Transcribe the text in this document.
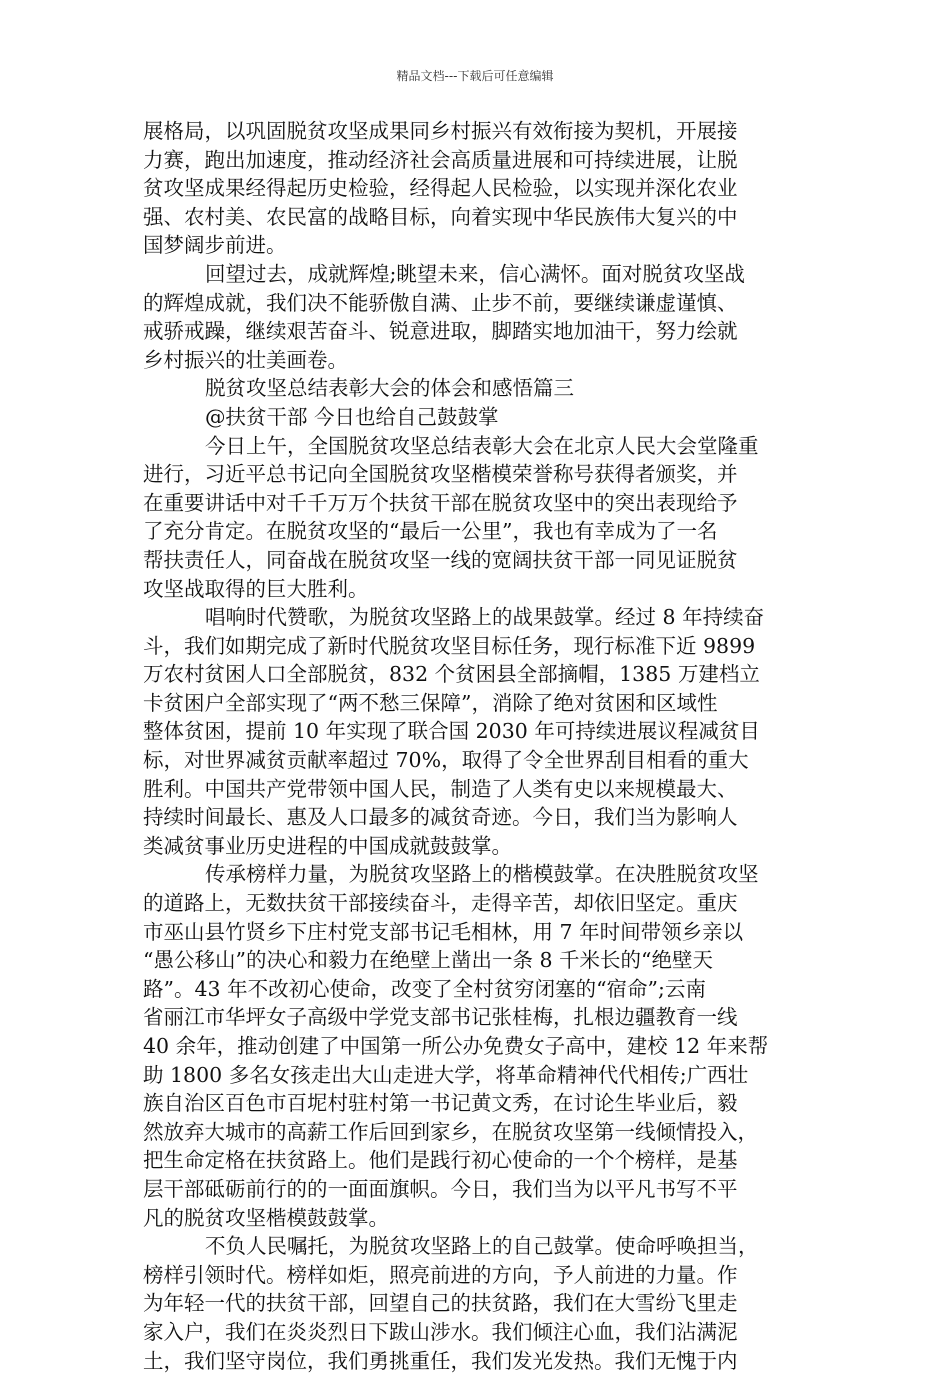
精品文档---下载后可任意编辑

展格局，以巩固脱贫攻坚成果同乡村振兴有效衔接为契机，开展接
力赛，跑出加速度，推动经济社会高质量进展和可持续进展，让脱
贫攻坚成果经得起历史检验，经得起人民检验，以实现并深化农业
强、农村美、农民富的战略目标，向着实现中华民族伟大复兴的中
国梦阔步前进。

回望过去，成就辉煌;眺望未来，信心满怀。面对脱贫攻坚战
的辉煌成就，我们决不能骄傲自满、止步不前，要继续谦虚谨慎、
戒骄戒躁，继续艰苦奋斗、锐意进取，脚踏实地加油干，努力绘就
乡村振兴的壮美画卷。

脱贫攻坚总结表彰大会的体会和感悟篇三

@扶贫干部 今日也给自己鼓鼓掌

今日上午，全国脱贫攻坚总结表彰大会在北京人民大会堂隆重
进行，习近平总书记向全国脱贫攻坚楷模荣誉称号获得者颁奖，并
在重要讲话中对千千万万个扶贫干部在脱贫攻坚中的突出表现给予
了充分肯定。在脱贫攻坚的“最后一公里”，我也有幸成为了一名
帮扶责任人，同奋战在脱贫攻坚一线的宽阔扶贫干部一同见证脱贫
攻坚战取得的巨大胜利。

唱响时代赞歌，为脱贫攻坚路上的战果鼓掌。经过 8 年持续奋
斗，我们如期完成了新时代脱贫攻坚目标任务，现行标准下近 9899
万农村贫困人口全部脱贫，832 个贫困县全部摘帽，1385 万建档立
卡贫困户全部实现了“两不愁三保障”，消除了绝对贫困和区域性
整体贫困，提前 10 年实现了联合国 2030 年可持续进展议程减贫目
标，对世界减贫贡献率超过 70%，取得了令全世界刮目相看的重大
胜利。中国共产党带领中国人民，制造了人类有史以来规模最大、
持续时间最长、惠及人口最多的减贫奇迹。今日，我们当为影响人
类减贫事业历史进程的中国成就鼓鼓掌。

传承榜样力量，为脱贫攻坚路上的楷模鼓掌。在决胜脱贫攻坚
的道路上，无数扶贫干部接续奋斗，走得辛苦，却依旧坚定。重庆
市巫山县竹贤乡下庄村党支部书记毛相林，用 7 年时间带领乡亲以
“愚公移山”的决心和毅力在绝壁上凿出一条 8 千米长的“绝壁天
路”。43 年不改初心使命，改变了全村贫穷闭塞的“宿命”;云南
省丽江市华坪女子高级中学党支部书记张桂梅，扎根边疆教育一线
40 余年，推动创建了中国第一所公办免费女子高中，建校 12 年来帮
助 1800 多名女孩走出大山走进大学，将革命精神代代相传;广西壮
族自治区百色市百坭村驻村第一书记黄文秀，在讨论生毕业后，毅
然放弃大城市的高薪工作后回到家乡，在脱贫攻坚第一线倾情投入，
把生命定格在扶贫路上。他们是践行初心使命的一个个榜样，是基
层干部砥砺前行的的一面面旗帜。今日，我们当为以平凡书写不平
凡的脱贫攻坚楷模鼓鼓掌。

不负人民嘱托，为脱贫攻坚路上的自己鼓掌。使命呼唤担当，
榜样引领时代。榜样如炬，照亮前进的方向，予人前进的力量。作
为年轻一代的扶贫干部，回望自己的扶贫路，我们在大雪纷飞里走
家入户，我们在炎炎烈日下跋山涉水。我们倾注心血，我们沾满泥
土，我们坚守岗位，我们勇挑重任，我们发光发热。我们无愧于内
